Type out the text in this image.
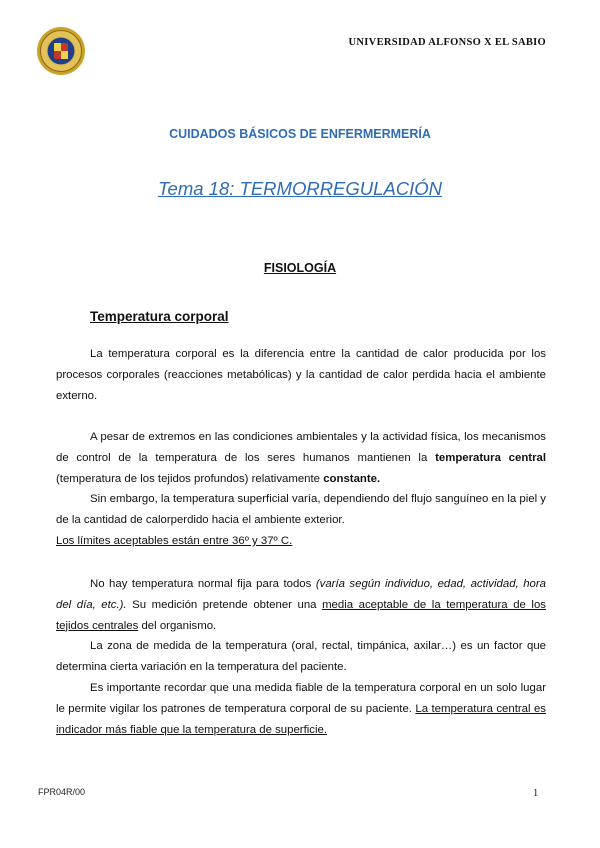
UNIVERSIDAD ALFONSO X EL SABIO
CUIDADOS BÁSICOS DE ENFERMERMERÍA
Tema 18: TERMORREGULACIÓN
FISIOLOGÍA
Temperatura corporal

La temperatura corporal es la diferencia entre la cantidad de calor producida por los procesos corporales (reacciones metabólicas) y la cantidad de calor perdida hacia el ambiente externo.

A pesar de extremos en las condiciones ambientales y la actividad física, los mecanismos de control de la temperatura de los seres humanos mantienen la temperatura central (temperatura de los tejidos profundos) relativamente constante.

Sin embargo, la temperatura superficial varía, dependiendo del flujo sanguíneo en la piel y de la cantidad de calorperdido hacia el ambiente exterior.

Los límites aceptables están entre 36º y 37º C.

No hay temperatura normal fija para todos (varía según individuo, edad, actividad, hora del día, etc.). Su medición pretende obtener una media aceptable de la temperatura de los tejidos centrales del organismo.

La zona de medida de la temperatura (oral, rectal, timpánica, axilar…) es un factor que determina cierta variación en la temperatura del paciente.

Es importante recordar que una medida fiable de la temperatura corporal en un solo lugar le permite vigilar los patrones de temperatura corporal de su paciente. La temperatura central es indicador más fiable que la temperatura de superficie.

FPR04R/00	1
